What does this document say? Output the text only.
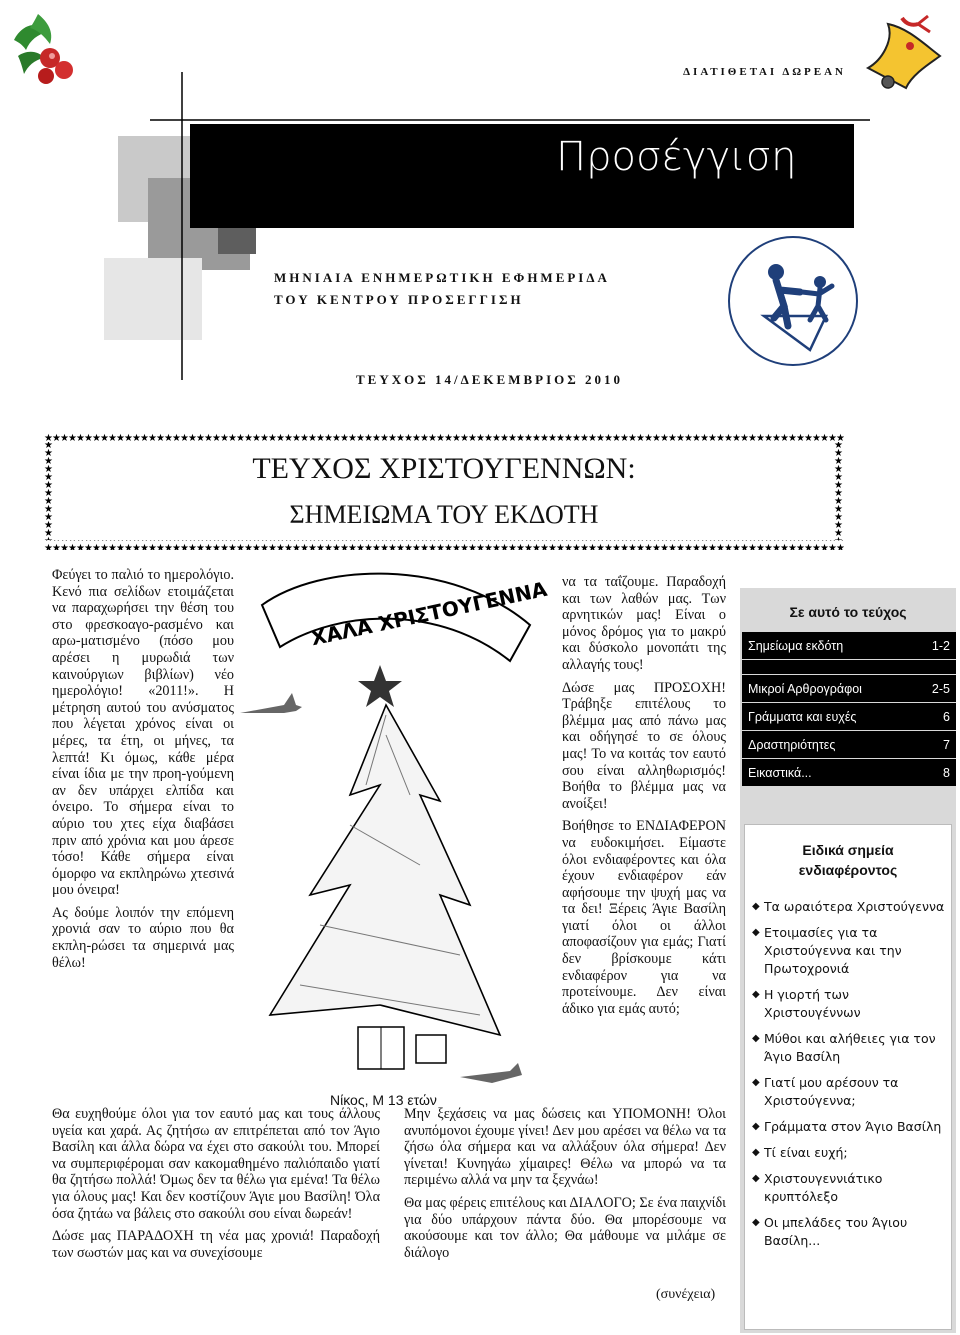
ΔΙΑΤΙΘΕΤΑΙ ΔΩΡΕΑΝ
Προσέγγιση
ΜΗΝΙΑΙΑ ΕΝΗΜΕΡΩΤΙΚΗ ΕΦΗΜΕΡΙΔΑ
ΤΟΥ ΚΕΝΤΡΟΥ ΠΡΟΣΕΓΓΙΣΗ
ΤΕΥΧΟΣ 14/ΔΕΚΕΜΒΡΙΟΣ 2010
ΤΕΥΧΟΣ ΧΡΙΣΤΟΥΓΕΝΝΩΝ:
ΣΗΜΕΙΩΜΑ ΤΟΥ ΕΚΔΟΤΗ

Φεύγει το παλιό το ημερολόγιο. Κενό πια σελίδων ετοιμάζεται να παραχωρήσει την θέση του στο φρεσκοαγο-ρασμένο και αρω-ματισμένο (πόσο μου αρέσει η μυρωδιά των καινούργιων βιβλίων) νέο ημερολόγιο! «2011!». Η μέτρηση αυτού του ανύσματος που λέγεται χρόνος είναι οι μέρες, τα έτη, οι μήνες, τα λεπτά! Κι όμως, κάθε μέρα είναι ίδια με την προη-γούμενη αν δεν υπάρχει ελπίδα και όνειρο. Το σήμερα είναι το αύριο του χτες είχα διαβάσει πριν από χρόνια και μου άρεσε τόσο! Κάθε σήμερα είναι όμορφο να εκπληρώνω χτεσινά μου όνειρα!

Ας δούμε λοιπόν την επόμενη χρονιά σαν το αύριο που θα εκπλη-ρώσει τα σημερινά μας θέλω!

ΧΑΛΑ ΧΡΙΣΤΟΥΓΕΝΝΑ
Νίκος, Μ 13 ετών

να τα ταΐζουμε. Παραδοχή και των λαθών μας. Των αρνητικών μας! Είναι ο μόνος δρόμος για το μακρύ και δύσκολο μονοπάτι της αλλαγής τους!

Δώσε μας ΠΡΟΣΟΧΗ! Τράβηξε επιτέλους το βλέμμα μας από πάνω μας και οδήγησέ το σε όλους μας! Το να κοιτάς τον εαυτό σου είναι αλληθωρισμός! Βοήθα το βλέμμα μας να ανοίξει!

Βοήθησε το ΕΝΔΙΑΦΕΡΟΝ να ευδοκιμήσει. Είμαστε όλοι ενδιαφέροντες και όλα έχουν ενδιαφέρον εάν αφήσουμε την ψυχή μας να τα δει! Ξέρεις Άγιε Βασίλη γιατί όλοι οι άλλοι αποφασίζουν για εμάς; Γιατί δεν βρίσκουμε κάτι ενδιαφέρον για να προτείνουμε. Δεν είναι άδικο για εμάς αυτό;

Θα ευχηθούμε όλοι για τον εαυτό μας και τους άλλους υγεία και χαρά. Ας ζητήσω αν επιτρέπεται από τον Άγιο Βασίλη και άλλα δώρα να έχει στο σακούλι του. Μπορεί να συμπεριφέρομαι σαν κακομαθημένο παλιόπαιδο γιατί θα ζητήσω πολλά! Όμως δεν τα θέλω για εμένα! Τα θέλω για όλους μας! Και δεν κοστίζουν Άγιε μου Βασίλη! Όλα όσα ζητάω να βάλεις στο σακούλι σου είναι δωρεάν!

Δώσε μας ΠΑΡΑΔΟΧΗ τη νέα μας χρονιά! Παραδοχή των σωστών μας και να συνεχίσουμε

Μην ξεχάσεις να μας δώσεις και ΥΠΟΜΟΝΗ! Όλοι ανυπόμονοι έχουμε γίνει! Δεν μου αρέσει να θέλω να τα ζήσω όλα σήμερα και να αλλάξουν όλα σήμερα! Δεν γίνεται! Κυνηγάω χίμαιρες! Θέλω να μπορώ να τα περιμένω αλλά να μην τα ξεχνάω!

Θα μας φέρεις επιτέλους και ΔΙΑΛΟΓΟ; Σε ένα παιχνίδι για δύο υπάρχουν πάντα δύο. Θα μπορέσουμε να ακούσουμε και τον άλλο; Θα μάθουμε να μιλάμε σε διάλογο

(συνέχεια)
Σε αυτό το τεύχος
Σημείωμα εκδότη	1-2
Μικροί Αρθρογράφοι	2-5
Γράμματα και ευχές	6
Δραστηριότητες	7
Εικαστικά...	8
Ειδικά σημεία
ενδιαφέροντος
◆ Τα ωραιότερα Χριστούγεννα
◆ Ετοιμασίες για τα Χριστούγεννα και την Πρωτοχρονιά
◆ Η γιορτή των Χριστουγέννων
◆ Μύθοι και αλήθειες για τον Άγιο Βασίλη
◆ Γιατί μου αρέσουν τα Χριστούγεννα;
◆ Γράμματα στον Άγιο Βασίλη
◆ Τί είναι ευχή;
◆ Χριστουγεννιάτικο κρυπτόλεξο
◆ Οι μπελάδες του Άγιου Βασίλη...
